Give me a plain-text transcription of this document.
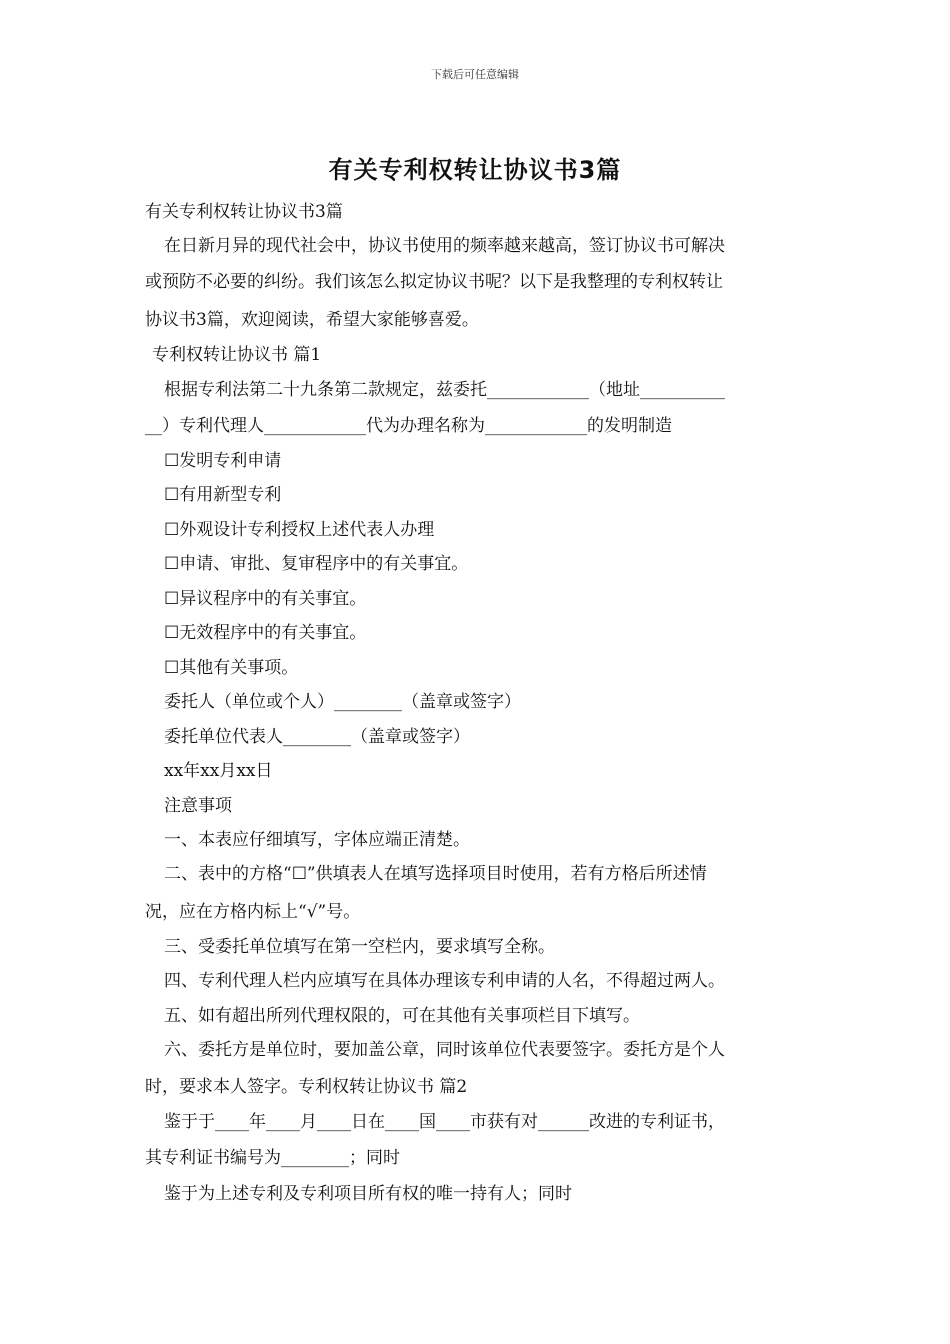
下载后可任意编辑
有关专利权转让协议书3篇
有关专利权转让协议书3篇
在日新月异的现代社会中，协议书使用的频率越来越高，签订协议书可解决
或预防不必要的纠纷。我们该怎么拟定协议书呢？以下是我整理的专利权转让
协议书3篇，欢迎阅读，希望大家能够喜爱。
专利权转让协议书 篇1
根据专利法第二十九条第二款规定，兹委托____________（地址__________
__）专利代理人____________代为办理名称为____________的发明制造
☐发明专利申请
☐有用新型专利
☐外观设计专利授权上述代表人办理
☐申请、审批、复审程序中的有关事宜。
☐异议程序中的有关事宜。
☐无效程序中的有关事宜。
☐其他有关事项。
委托人（单位或个人）________（盖章或签字）
委托单位代表人________（盖章或签字）
xx年xx月xx日
注意事项
一、本表应仔细填写，字体应端正清楚。
二、表中的方格“☐”供填表人在填写选择项目时使用，若有方格后所述情
况，应在方格内标上“√”号。
三、受委托单位填写在第一空栏内，要求填写全称。
四、专利代理人栏内应填写在具体办理该专利申请的人名，不得超过两人。
五、如有超出所列代理权限的，可在其他有关事项栏目下填写。
六、委托方是单位时，要加盖公章，同时该单位代表要签字。委托方是个人
时，要求本人签字。专利权转让协议书 篇2
鉴于于____年____月____日在____国____市获有对______改进的专利证书，
其专利证书编号为________；同时
鉴于为上述专利及专利项目所有权的唯一持有人；同时
